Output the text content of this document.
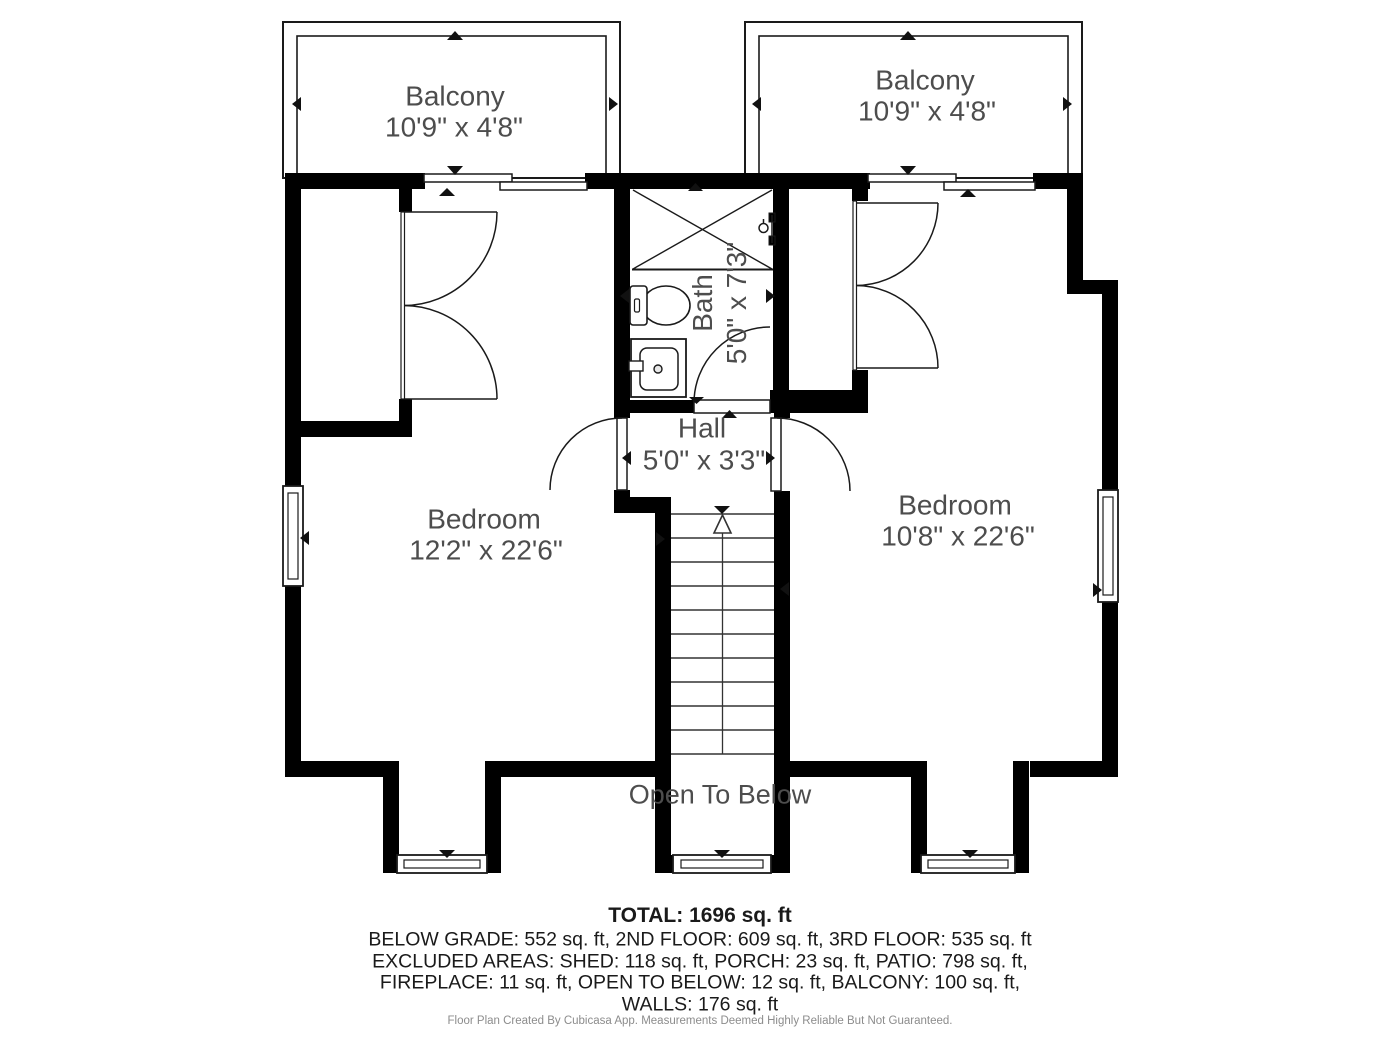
Balcony
10'9" x 4'8"
Balcony
10'9" x 4'8"
Bath 5'0" x 7'3"
Hall
5'0" x 3'3"
Bedroom
12'2" x 22'6"
Bedroom
10'8" x 22'6"
Open To Below
TOTAL: 1696 sq. ft
BELOW GRADE: 552 sq. ft, 2ND FLOOR: 609 sq. ft, 3RD FLOOR: 535 sq. ft
EXCLUDED AREAS: SHED: 118 sq. ft, PORCH: 23 sq. ft, PATIO: 798 sq. ft,
FIREPLACE: 11 sq. ft, OPEN TO BELOW: 12 sq. ft, BALCONY: 100 sq. ft,
WALLS: 176 sq. ft
Floor Plan Created By Cubicasa App. Measurements Deemed Highly Reliable But Not Guaranteed.
